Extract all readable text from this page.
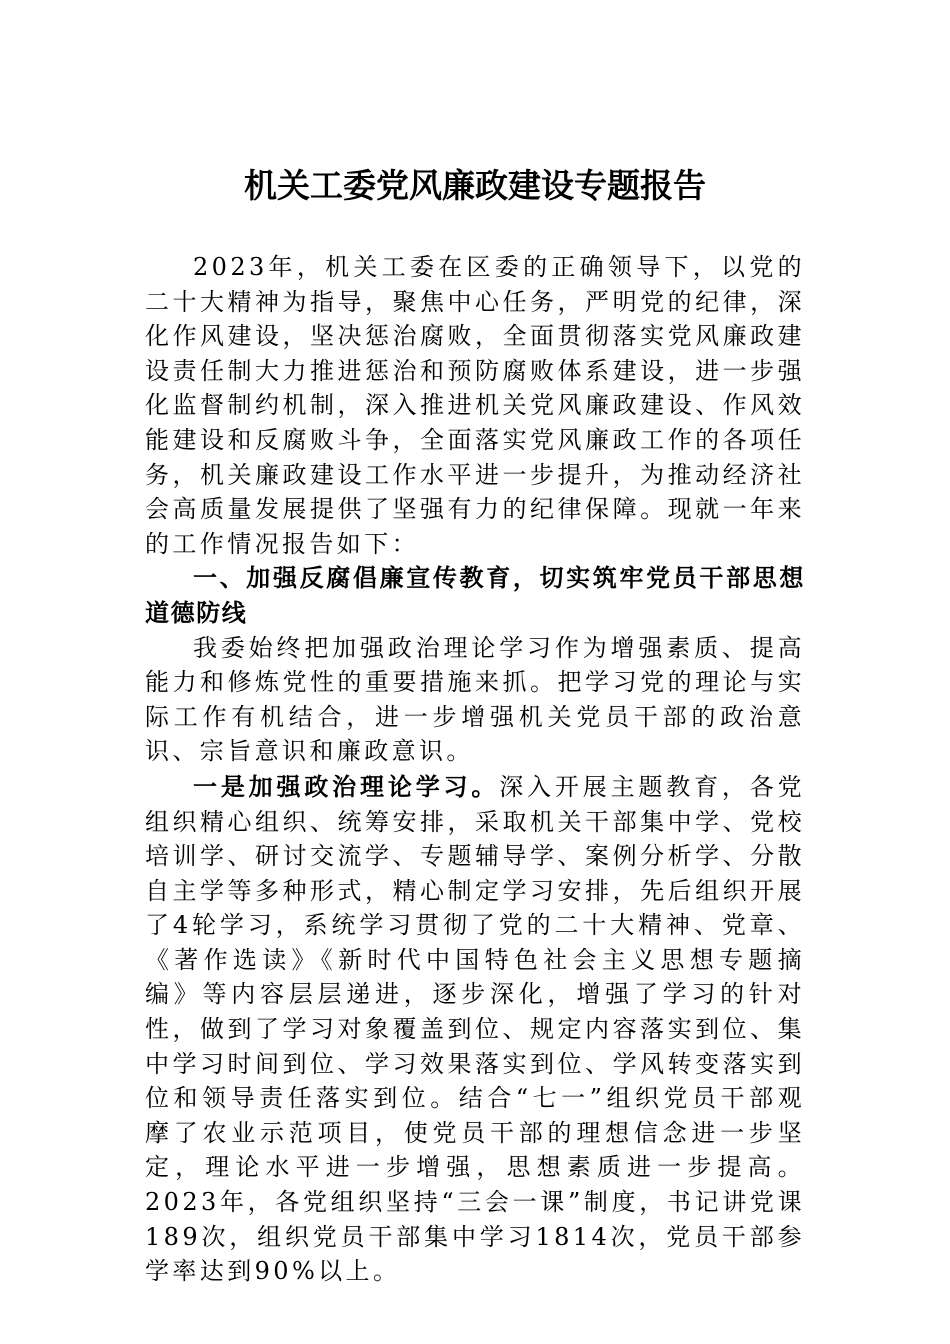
机关工委党风廉政建设专题报告

2023年，机关工委在区委的正确领导下，以党的二十大精神为指导，聚焦中心任务，严明党的纪律，深化作风建设，坚决惩治腐败，全面贯彻落实党风廉政建设责任制大力推进惩治和预防腐败体系建设，进一步强化监督制约机制，深入推进机关党风廉政建设、作风效能建设和反腐败斗争，全面落实党风廉政工作的各项任务，机关廉政建设工作水平进一步提升，为推动经济社会高质量发展提供了坚强有力的纪律保障。现就一年来的工作情况报告如下：

一、加强反腐倡廉宣传教育，切实筑牢党员干部思想道德防线

我委始终把加强政治理论学习作为增强素质、提高能力和修炼党性的重要措施来抓。把学习党的理论与实际工作有机结合，进一步增强机关党员干部的政治意识、宗旨意识和廉政意识。

一是加强政治理论学习。深入开展主题教育，各党组织精心组织、统筹安排，采取机关干部集中学、党校培训学、研讨交流学、专题辅导学、案例分析学、分散自主学等多种形式，精心制定学习安排，先后组织开展了4轮学习，系统学习贯彻了党的二十大精神、党章、《著作选读》《新时代中国特色社会主义思想专题摘编》等内容层层递进，逐步深化，增强了学习的针对性，做到了学习对象覆盖到位、规定内容落实到位、集中学习时间到位、学习效果落实到位、学风转变落实到位和领导责任落实到位。结合“七一”组织党员干部观摩了农业示范项目，使党员干部的理想信念进一步坚定，理论水平进一步增强，思想素质进一步提高。2023年，各党组织坚持“三会一课”制度，书记讲党课189次，组织党员干部集中学习1814次，党员干部参学率达到90%以上。
